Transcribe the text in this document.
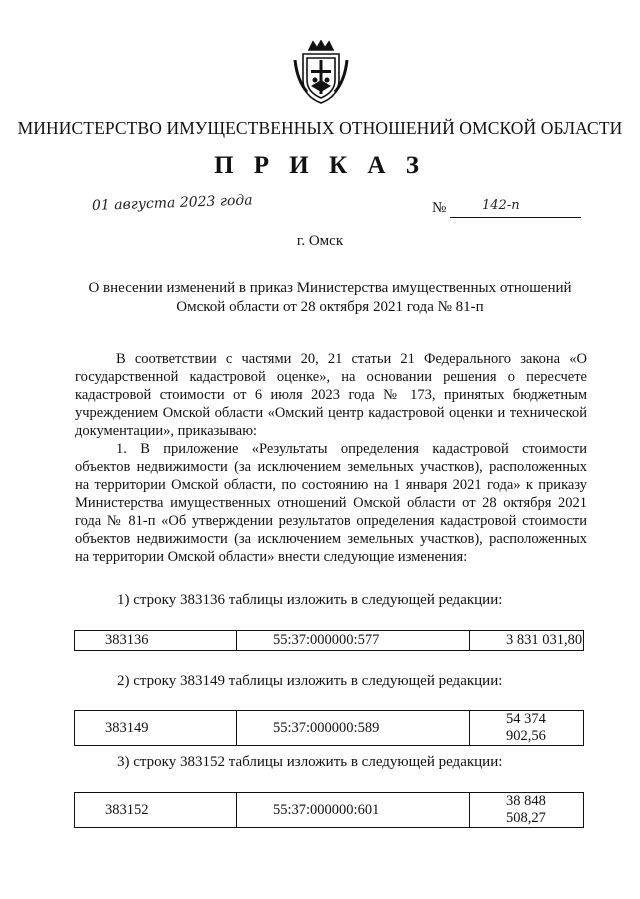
МИНИСТЕРСТВО ИМУЩЕСТВЕННЫХ ОТНОШЕНИЙ ОМСКОЙ ОБЛАСТИ
П Р И К А З
01 августа 2023 года	№	142-п
г. Омск
О внесении изменений в приказ Министерства имущественных отношений
Омской области от 28 октября 2021 года № 81-п

В соответствии с частями 20, 21 статьи 21 Федерального закона «О государственной кадастровой оценке», на основании решения о пересчете кадастровой стоимости от 6 июля 2023 года № 173, принятых бюджетным учреждением Омской области «Омский центр кадастровой оценки и технической документации», приказываю:

1. В приложение «Результаты определения кадастровой стоимости объектов недвижимости (за исключением земельных участков), расположенных на территории Омской области, по состоянию на 1 января 2021 года» к приказу Министерства имущественных отношений Омской области от 28 октября 2021 года № 81-п «Об утверждении результатов определения кадастровой стоимости объектов недвижимости (за исключением земельных участков), расположенных на территории Омской области» внести следующие изменения:

1) строку 383136 таблицы изложить в следующей редакции:
383136	55:37:000000:577	3 831 031,80
2) строку 383149 таблицы изложить в следующей редакции:
383149	55:37:000000:589	54 374 902,56
3) строку 383152 таблицы изложить в следующей редакции:
383152	55:37:000000:601	38 848 508,27
